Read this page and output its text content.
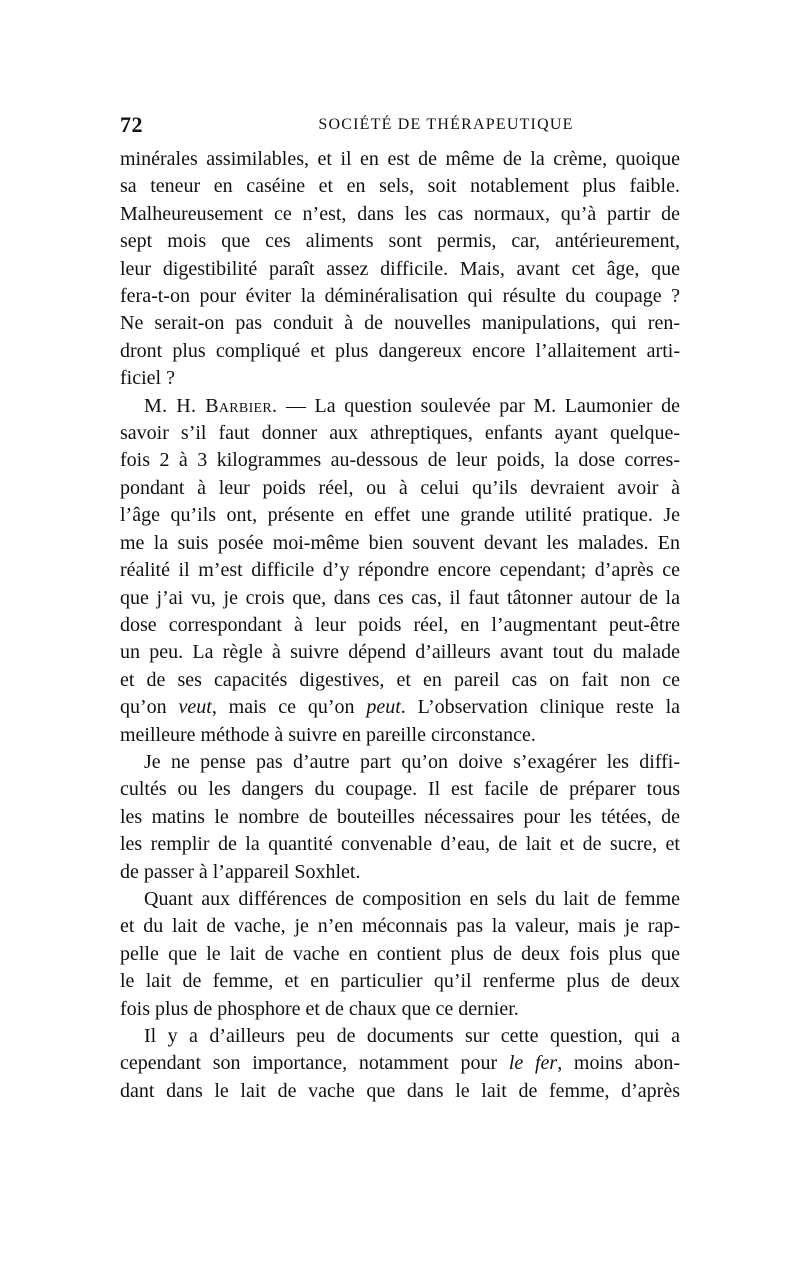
72	SOCIÉTÉ DE THÉRAPEUTIQUE

minérales assimilables, et il en est de même de la crème, quoique
sa teneur en caséine et en sels, soit notablement plus faible.
Malheureusement ce n’est, dans les cas normaux, qu’à partir de
sept mois que ces aliments sont permis, car, antérieurement,
leur digestibilité paraît assez difficile. Mais, avant cet âge, que
fera-t-on pour éviter la déminéralisation qui résulte du coupage ?
Ne serait-on pas conduit à de nouvelles manipulations, qui ren-
dront plus compliqué et plus dangereux encore l’allaitement arti-
ficiel ?

M. H. Barbier. — La question soulevée par M. Laumonier de
savoir s’il faut donner aux athreptiques, enfants ayant quelque-
fois 2 à 3 kilogrammes au-dessous de leur poids, la dose corres-
pondant à leur poids réel, ou à celui qu’ils devraient avoir à
l’âge qu’ils ont, présente en effet une grande utilité pratique. Je
me la suis posée moi-même bien souvent devant les malades. En
réalité il m’est difficile d’y répondre encore cependant; d’après ce
que j’ai vu, je crois que, dans ces cas, il faut tâtonner autour de la
dose correspondant à leur poids réel, en l’augmentant peut-être
un peu. La règle à suivre dépend d’ailleurs avant tout du malade
et de ses capacités digestives, et en pareil cas on fait non ce
qu’on veut, mais ce qu’on peut. L’observation clinique reste la
meilleure méthode à suivre en pareille circonstance.

Je ne pense pas d’autre part qu’on doive s’exagérer les diffi-
cultés ou les dangers du coupage. Il est facile de préparer tous
les matins le nombre de bouteilles nécessaires pour les tétées, de
les remplir de la quantité convenable d’eau, de lait et de sucre, et
de passer à l’appareil Soxhlet.

Quant aux différences de composition en sels du lait de femme
et du lait de vache, je n’en méconnais pas la valeur, mais je rap-
pelle que le lait de vache en contient plus de deux fois plus que
le lait de femme, et en particulier qu’il renferme plus de deux
fois plus de phosphore et de chaux que ce dernier.

Il y a d’ailleurs peu de documents sur cette question, qui a
cependant son importance, notamment pour le fer, moins abon-
dant dans le lait de vache que dans le lait de femme, d’après
